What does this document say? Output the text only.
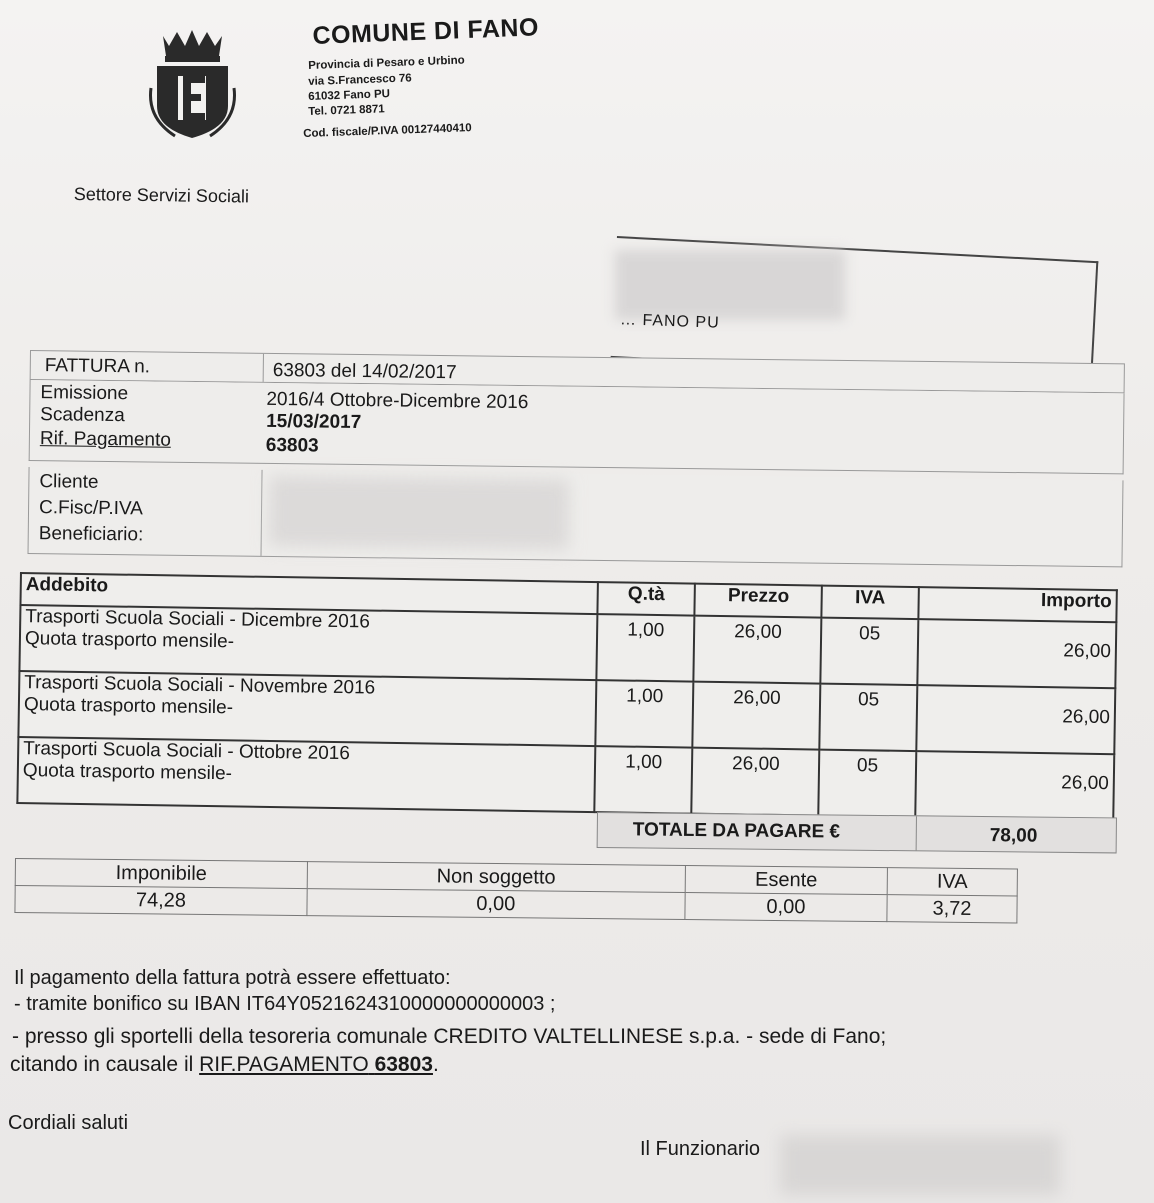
COMUNE DI FANO
Provincia di Pesaro e Urbino
via S.Francesco 76
61032 Fano PU
Tel. 0721 8871
Cod. fiscale/P.IVA 00127440410
Settore Servizi Sociali
… FANO PU
FATTURA n.	63803 del 14/02/2017
Emissione	2016/4 Ottobre-Dicembre 2016
Scadenza	15/03/2017
Rif. Pagamento	63803
Cliente
C.Fisc/P.IVA
Beneficiario:
Addebito	Q.tà	Prezzo	IVA	Importo

Trasporti Scuola Sociali - Dicembre 2016
Quota trasporto mensile-	1,00	26,00	05	26,00

Trasporti Scuola Sociali - Novembre 2016
Quota trasporto mensile-	1,00	26,00	05	26,00

Trasporti Scuola Sociali - Ottobre 2016
Quota trasporto mensile-	1,00	26,00	05	26,00
TOTALE DA PAGARE €	78,00
Imponibile	Non soggetto	Esente	IVA
74,28	0,00	0,00	3,72
Il pagamento della fattura potrà essere effettuato:
- tramite bonifico su IBAN IT64Y0521624310000000000003 ;
- presso gli sportelli della tesoreria comunale CREDITO VALTELLINESE s.p.a. - sede di Fano;
citando in causale il RIF.PAGAMENTO 63803.
Cordiali saluti
Il Funzionario
